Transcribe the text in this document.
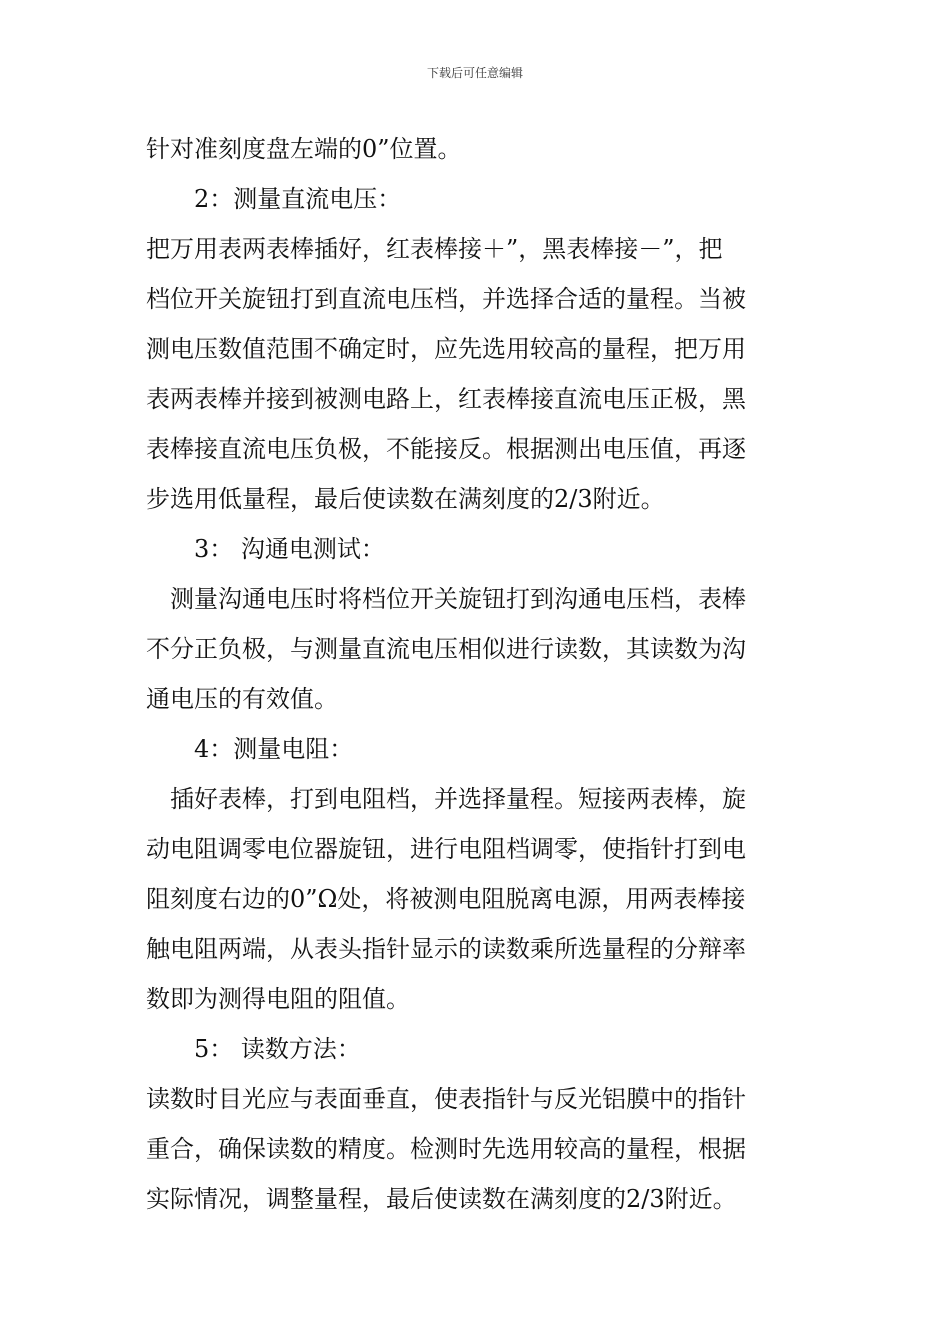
下载后可任意编辑
针对准刻度盘左端的0”位置。
2：测量直流电压：
把万用表两表棒插好，红表棒接＋”，黑表棒接－”，把
档位开关旋钮打到直流电压档，并选择合适的量程。当被
测电压数值范围不确定时，应先选用较高的量程，把万用
表两表棒并接到被测电路上，红表棒接直流电压正极，黑
表棒接直流电压负极，不能接反。根据测出电压值，再逐
步选用低量程，最后使读数在满刻度的2/3附近。
3： 沟通电测试：
测量沟通电压时将档位开关旋钮打到沟通电压档，表棒
不分正负极，与测量直流电压相似进行读数，其读数为沟
通电压的有效值。
4：测量电阻：
插好表棒，打到电阻档，并选择量程。短接两表棒，旋
动电阻调零电位器旋钮，进行电阻档调零，使指针打到电
阻刻度右边的0”Ω处，将被测电阻脱离电源，用两表棒接
触电阻两端，从表头指针显示的读数乘所选量程的分辩率
数即为测得电阻的阻值。
5： 读数方法：
读数时目光应与表面垂直，使表指针与反光铝膜中的指针
重合，确保读数的精度。检测时先选用较高的量程，根据
实际情况，调整量程，最后使读数在满刻度的2/3附近。
